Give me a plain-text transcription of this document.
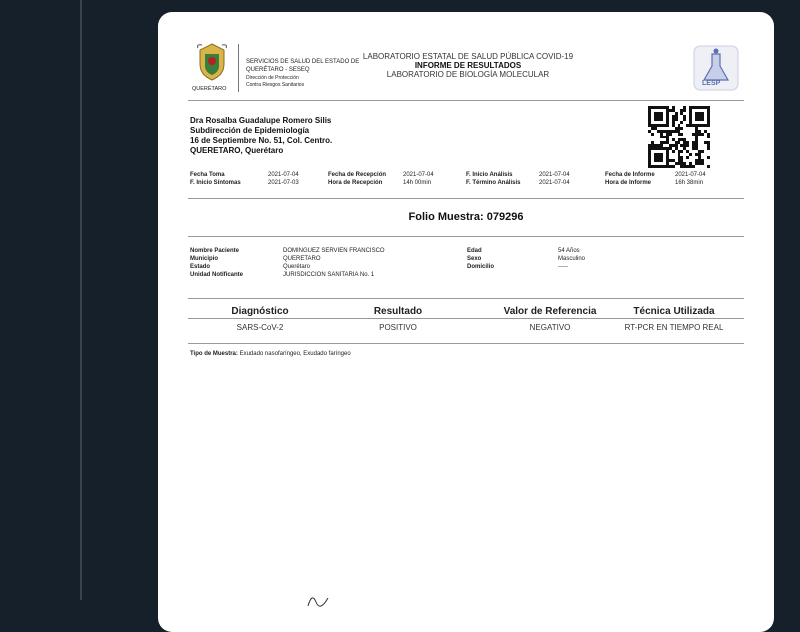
QUERÉTARO
SERVICIOS DE SALUD DEL ESTADO DE
QUERÉTARO - SESEQ
Dirección de Protección
Contra Riesgos Sanitarios
LABORATORIO ESTATAL DE SALUD PÚBLICA COVID-19
INFORME DE RESULTADOS
LABORATORIO DE BIOLOGÍA MOLECULAR
LESP
Dra Rosalba Guadalupe Romero Silis
Subdirección de Epidemiología
16 de Septiembre No. 51, Col. Centro.
QUERETARO, Querétaro
Fecha Toma	2021-07-04
F. Inicio Síntomas	2021-07-03
Fecha de Recepción	2021-07-04
Hora de Recepción	14h 00min
F. Inicio Análisis	2021-07-04
F. Término Análisis	2021-07-04
Fecha de Informe	2021-07-04
Hora de Informe	16h 38min
Folio Muestra: 079296
Nombre Paciente	DOMINGUEZ SERVIEN FRANCISCO
Municipio	QUERETARO
Estado	Querétaro
Unidad Notificante	JURISDICCION SANITARIA No. 1
Edad	54 Años
Sexo	Masculino
Domicilio	-----
Diagnóstico	Resultado	Valor de Referencia	Técnica Utilizada
SARS-CoV-2	POSITIVO	NEGATIVO	RT-PCR EN TIEMPO REAL
Tipo de Muestra: Exudado nasofaríngeo, Exudado faríngeo
